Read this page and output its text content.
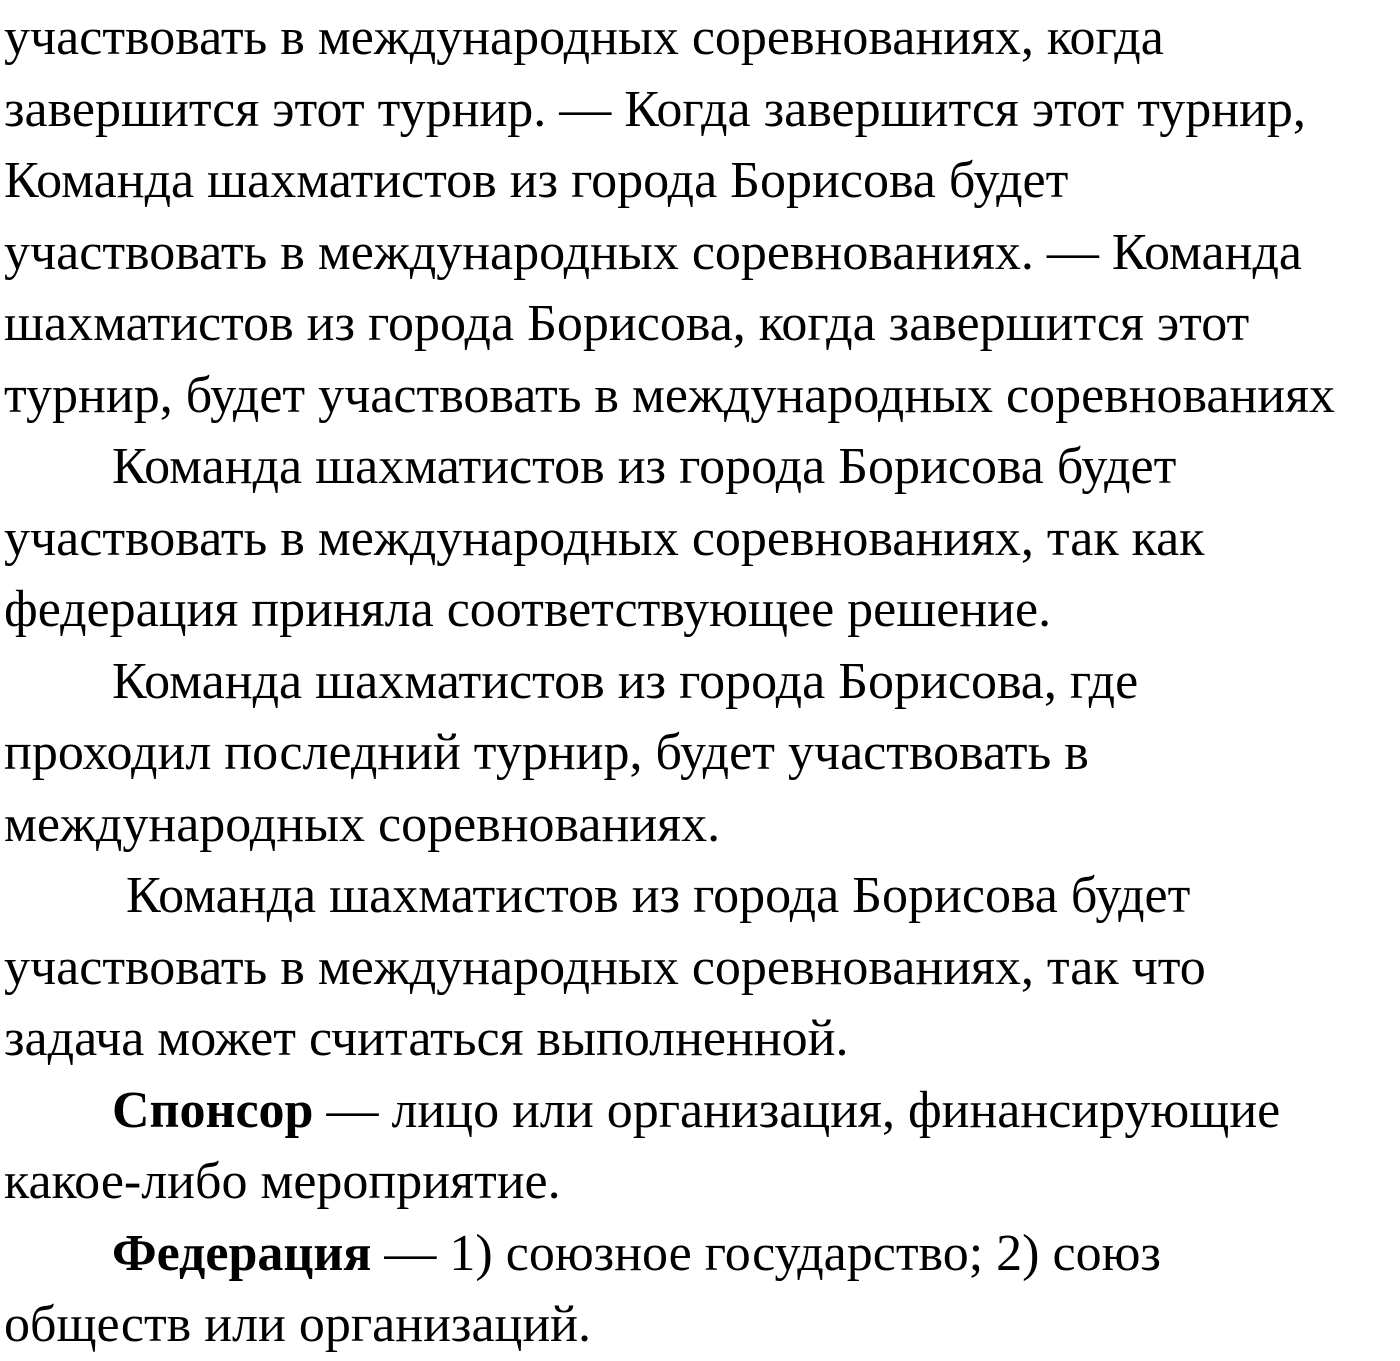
участвовать в международных соревнованиях, когда
завершится этот турнир. — Когда завершится этот турнир,
Команда шахматистов из города Борисова будет
участвовать в международных соревнованиях. — Команда
шахматистов из города Борисова, когда завершится этот
турнир, будет участвовать в международных соревнованиях
Команда шахматистов из города Борисова будет
участвовать в международных соревнованиях, так как
федерация приняла соответствующее решение.
Команда шахматистов из города Борисова, где
проходил последний турнир, будет участвовать в
международных соревнованиях.
Команда шахматистов из города Борисова будет
участвовать в международных соревнованиях, так что
задача может считаться выполненной.
Спонсор — лицо или организация, финансирующие
какое-либо мероприятие.
Федерация — 1) союзное государство; 2) союз
обществ или организаций.
